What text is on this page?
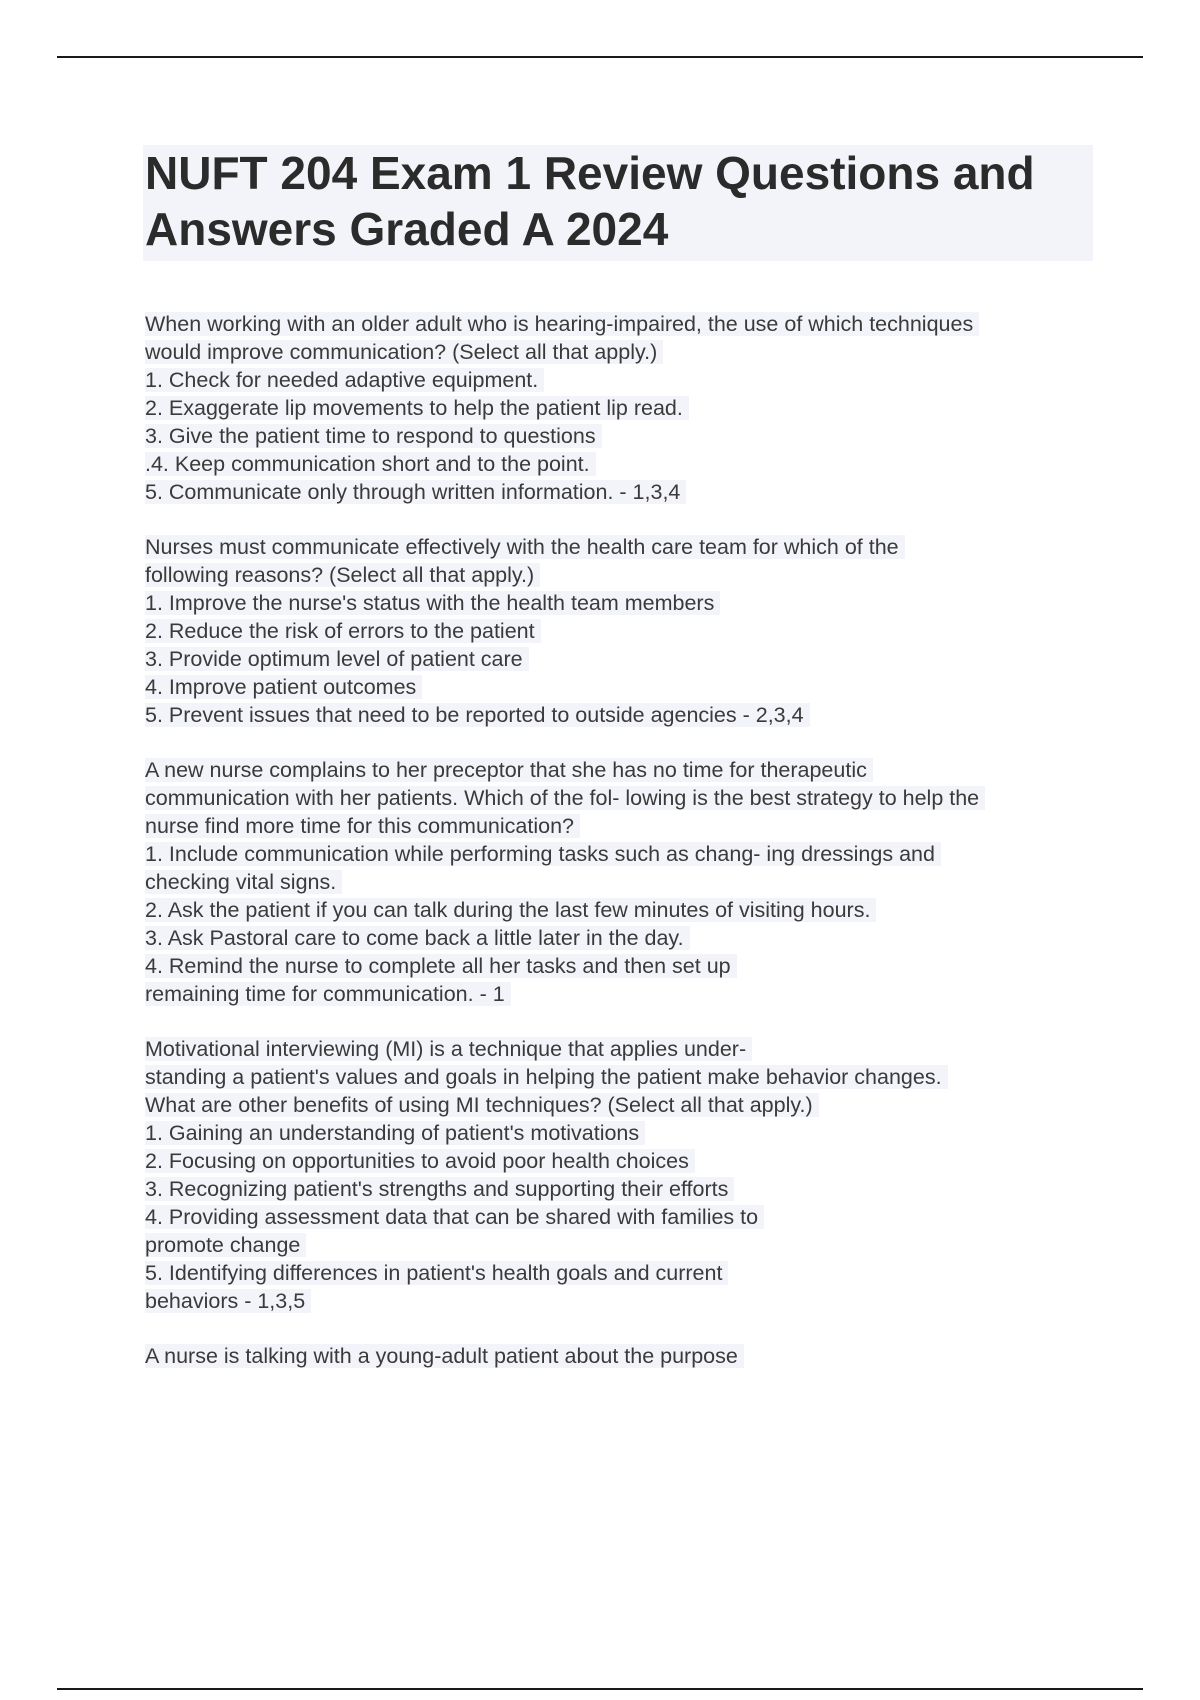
NUFT 204 Exam 1 Review Questions and
Answers Graded A 2024
When working with an older adult who is hearing-impaired, the use of which techniques
would improve communication? (Select all that apply.)
1. Check for needed adaptive equipment.
2. Exaggerate lip movements to help the patient lip read.
3. Give the patient time to respond to questions
.4. Keep communication short and to the point.
5. Communicate only through written information. - 1,3,4
Nurses must communicate effectively with the health care team for which of the
following reasons? (Select all that apply.)
1. Improve the nurse's status with the health team members
2. Reduce the risk of errors to the patient
3. Provide optimum level of patient care
4. Improve patient outcomes
5. Prevent issues that need to be reported to outside agencies - 2,3,4
A new nurse complains to her preceptor that she has no time for therapeutic
communication with her patients. Which of the fol- lowing is the best strategy to help the
nurse find more time for this communication?
1. Include communication while performing tasks such as chang- ing dressings and
checking vital signs.
2. Ask the patient if you can talk during the last few minutes of visiting hours.
3. Ask Pastoral care to come back a little later in the day.
4. Remind the nurse to complete all her tasks and then set up
remaining time for communication. - 1
Motivational interviewing (MI) is a technique that applies under-
standing a patient's values and goals in helping the patient make behavior changes.
What are other benefits of using MI techniques? (Select all that apply.)
1. Gaining an understanding of patient's motivations
2. Focusing on opportunities to avoid poor health choices
3. Recognizing patient's strengths and supporting their efforts
4. Providing assessment data that can be shared with families to
promote change
5. Identifying differences in patient's health goals and current
behaviors - 1,3,5
A nurse is talking with a young-adult patient about the purpose
